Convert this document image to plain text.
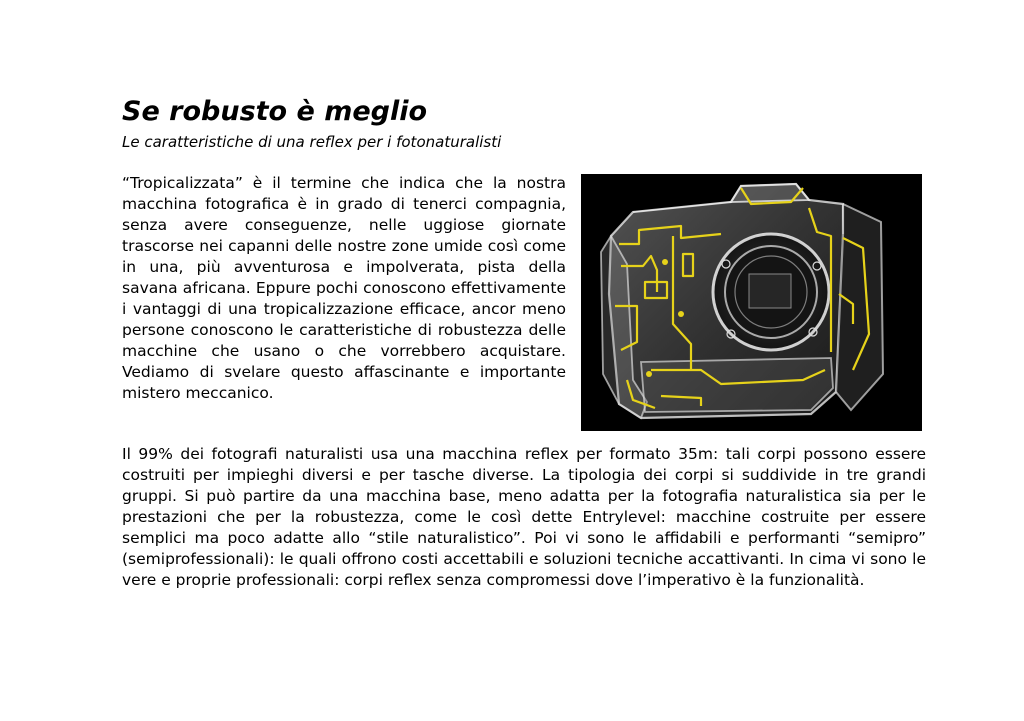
Se robusto è meglio

Le caratteristiche di una reflex per i fotonaturalisti

“Tropicalizzata” è il termine che indica che la nostra macchina fotografica è in grado di tenerci compagnia, senza avere conseguenze, nelle uggiose giornate trascorse nei capanni delle nostre zone umide così come in una, più avventurosa e impolverata, pista della savana africana. Eppure pochi conoscono effettivamente i vantaggi di una tropicalizzazione efficace, ancor meno persone conoscono le caratteristiche di robustezza delle macchine che usano o che vorrebbero acquistare. Vediamo di svelare questo affascinante e importante mistero meccanico.

Il 99% dei fotografi naturalisti usa una macchina reflex per formato 35m: tali corpi possono essere costruiti per impieghi diversi e per tasche diverse. La tipologia dei corpi si suddivide in tre grandi gruppi. Si può partire da una macchina base, meno adatta per la fotografia naturalistica sia per le prestazioni che per la robustezza, come le così dette Entrylevel: macchine costruite per essere semplici ma poco adatte allo “stile naturalistico”. Poi vi sono le affidabili e performanti “semipro” (semiprofessionali): le quali offrono costi accettabili e soluzioni tecniche accattivanti. In cima vi sono le vere e proprie professionali: corpi reflex senza compromessi dove l’imperativo è la funzionalità.
